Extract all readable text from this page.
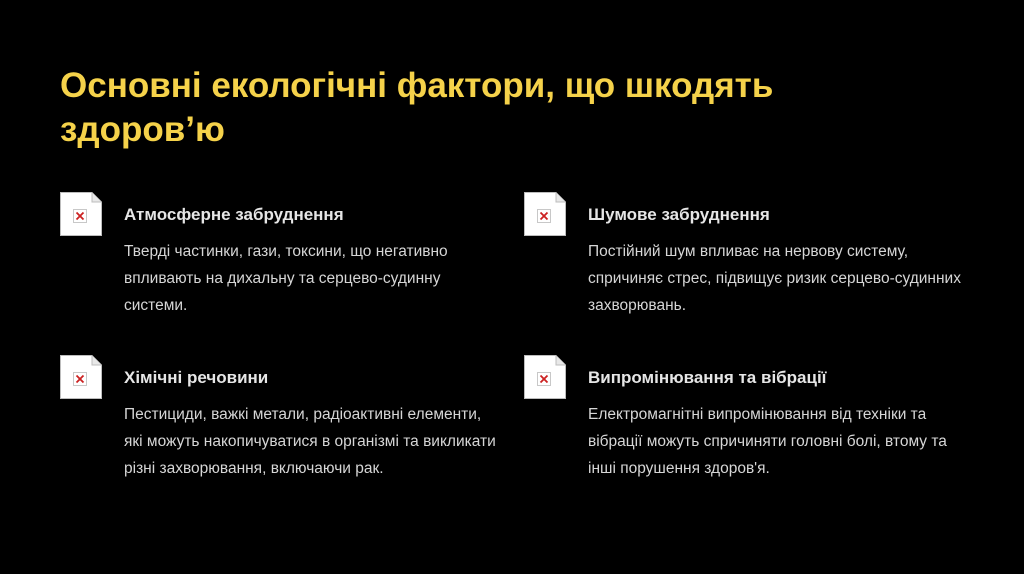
Основні екологічні фактори, що шкодять здоров’ю
Атмосферне забруднення

Тверді частинки, гази, токсини, що негативно впливають на дихальну та серцево-судинну системи.

Шумове забруднення

Постійний шум впливає на нервову систему, спричиняє стрес, підвищує ризик серцево-судинних захворювань.

Хімічні речовини

Пестициди, важкі метали, радіоактивні елементи, які можуть накопичуватися в організмі та викликати різні захворювання, включаючи рак.

Випромінювання та вібрації

Електромагнітні випромінювання від техніки та вібрації можуть спричиняти головні болі, втому та інші порушення здоров'я.
